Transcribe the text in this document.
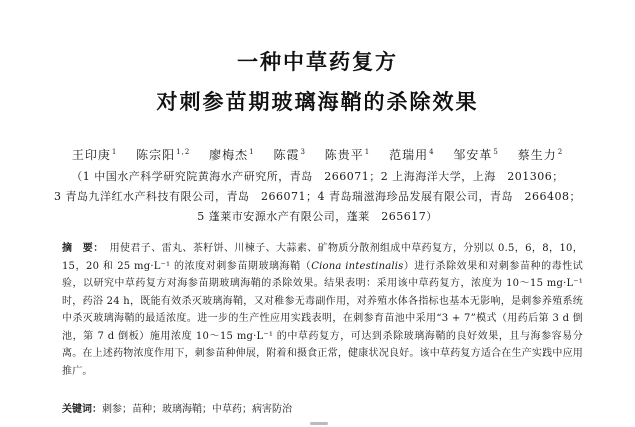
一种中草药复方
对刺参苗期玻璃海鞘的杀除效果
王印庚$^1$ 陈宗阳$^{1,2}$ 廖梅杰$^1$ 陈霞$^3$ 陈贵平$^1$ 范瑞用$^4$ 邹安革$^5$ 蔡生力$^2$
（1 中国水产科学研究院黄海水产研究所，青岛　266071；2 上海海洋大学，上海　201306；
3 青岛九洋红水产科技有限公司，青岛　266071；4 青岛瑞滋海珍品发展有限公司，青岛　266408；
5 蓬莱市安源水产有限公司，蓬莱　265617）

摘　要： 用使君子、雷丸、茶籽饼、川楝子、大蒜素、矿物质分散剂组成中草药复方，分别以 0.5，6，8，10，15，20 和 25 mg·L⁻¹ 的浓度对刺参苗期玻璃海鞘（Ciona intestinalis）进行杀除效果和对刺参苗种的毒性试验，以研究中草药复方对海参苗期玻璃海鞘的杀除效果。结果表明：采用该中草药复方，浓度为 10～15 mg·L⁻¹ 时，药浴 24 h，既能有效杀灭玻璃海鞘，又对稚参无毒副作用，对养殖水体各指标也基本无影响，是刺参养殖系统中杀灭玻璃海鞘的最适浓度。进一步的生产性应用实践表明，在刺参育苗池中采用“3 + 7”模式（用药后第 3 d 倒池，第 7 d 倒板）施用浓度 10～15 mg·L⁻¹ 的中草药复方，可达到杀除玻璃海鞘的良好效果，且与海参容易分离。在上述药物浓度作用下，刺参苗种伸展，附着和摄食正常，健康状况良好。该中草药复方适合在生产实践中应用推广。

关键词：刺参；苗种；玻璃海鞘；中草药；病害防治
